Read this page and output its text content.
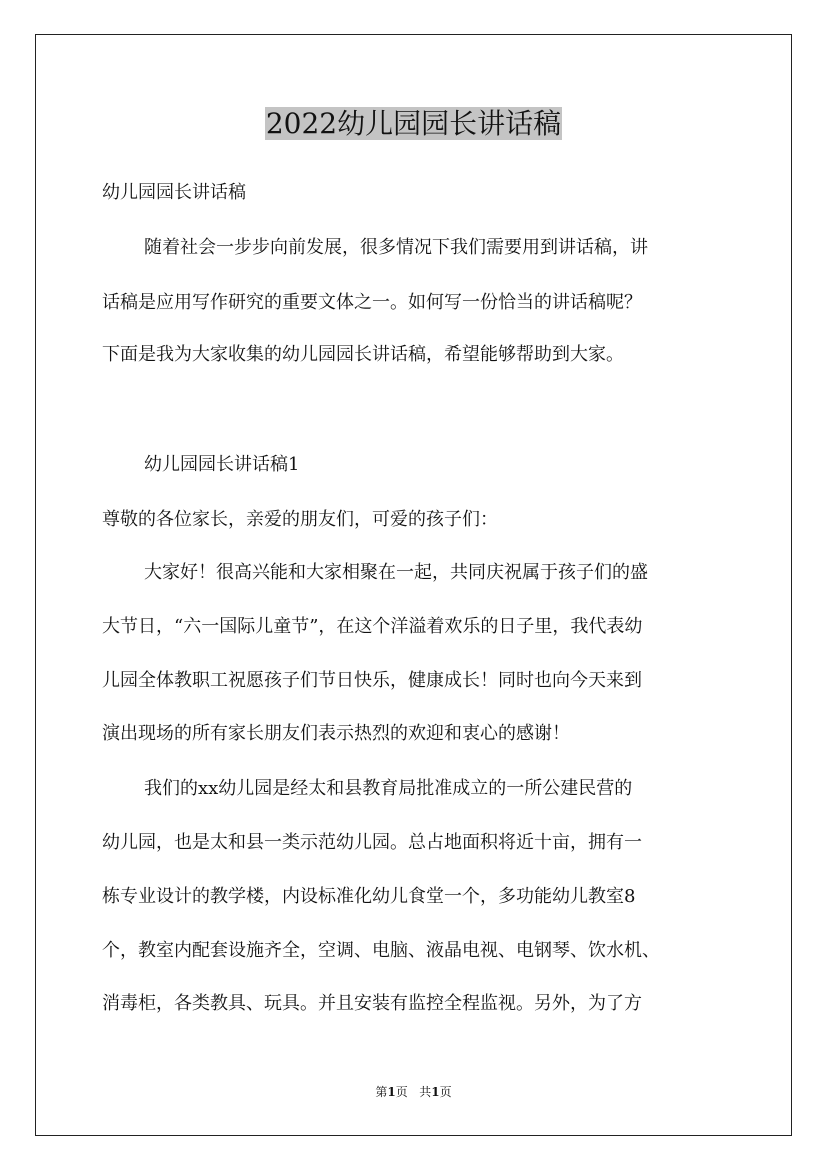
2022幼儿园园长讲话稿
幼儿园园长讲话稿
随着社会一步步向前发展，很多情况下我们需要用到讲话稿，讲
话稿是应用写作研究的重要文体之一。如何写一份恰当的讲话稿呢？
下面是我为大家收集的幼儿园园长讲话稿，希望能够帮助到大家。
幼儿园园长讲话稿1
尊敬的各位家长，亲爱的朋友们，可爱的孩子们：
大家好！很高兴能和大家相聚在一起，共同庆祝属于孩子们的盛
大节日，“六一国际儿童节”，在这个洋溢着欢乐的日子里，我代表幼
儿园全体教职工祝愿孩子们节日快乐，健康成长！同时也向今天来到
演出现场的所有家长朋友们表示热烈的欢迎和衷心的感谢！
我们的xx幼儿园是经太和县教育局批准成立的一所公建民营的
幼儿园，也是太和县一类示范幼儿园。总占地面积将近十亩，拥有一
栋专业设计的教学楼，内设标准化幼儿食堂一个，多功能幼儿教室8
个，教室内配套设施齐全，空调、电脑、液晶电视、电钢琴、饮水机、
消毒柜，各类教具、玩具。并且安装有监控全程监视。另外，为了方
第1页 共1页
